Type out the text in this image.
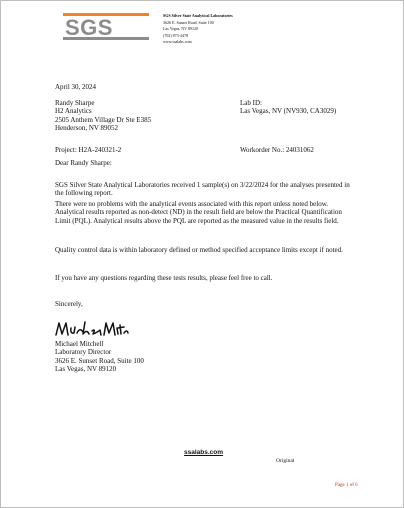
SGS	SGS Silver State Analytical Laboratories
3626 E. Sunset Road, Suite 100
Las Vegas, NV 89120
(702) 873-4478
www.ssalabs.com
April 30, 2024
Randy Sharpe
H2 Analytics
2505 Anthem Village Dr Ste E385
Henderson, NV 89052
Lab ID:
Las Vegas, NV (NV930, CA3029)
Project: H2A-240321-2	Workorder No.: 24031062
Dear Randy Sharpe:
SGS Silver State Analytical Laboratories received 1 sample(s) on 3/22/2024 for the analyses presented in the following report.
There were no problems with the analytical events associated with this report unless noted below. Analytical results reported as non-detect (ND) in the result field are below the Practical Quantification Limit (PQL). Analytical results above the PQL are reported as the measured value in the results field.
Quality control data is within laboratory defined or method specified acceptance limits except if noted.
If you have any questions regarding these tests results, please feel free to call.
Sincerely,
Michael Mitchell
Laboratory Director
3626 E. Sunset Road, Suite 100
Las Vegas, NV 89120
ssalabs.com
Original
Page 1 of 6
